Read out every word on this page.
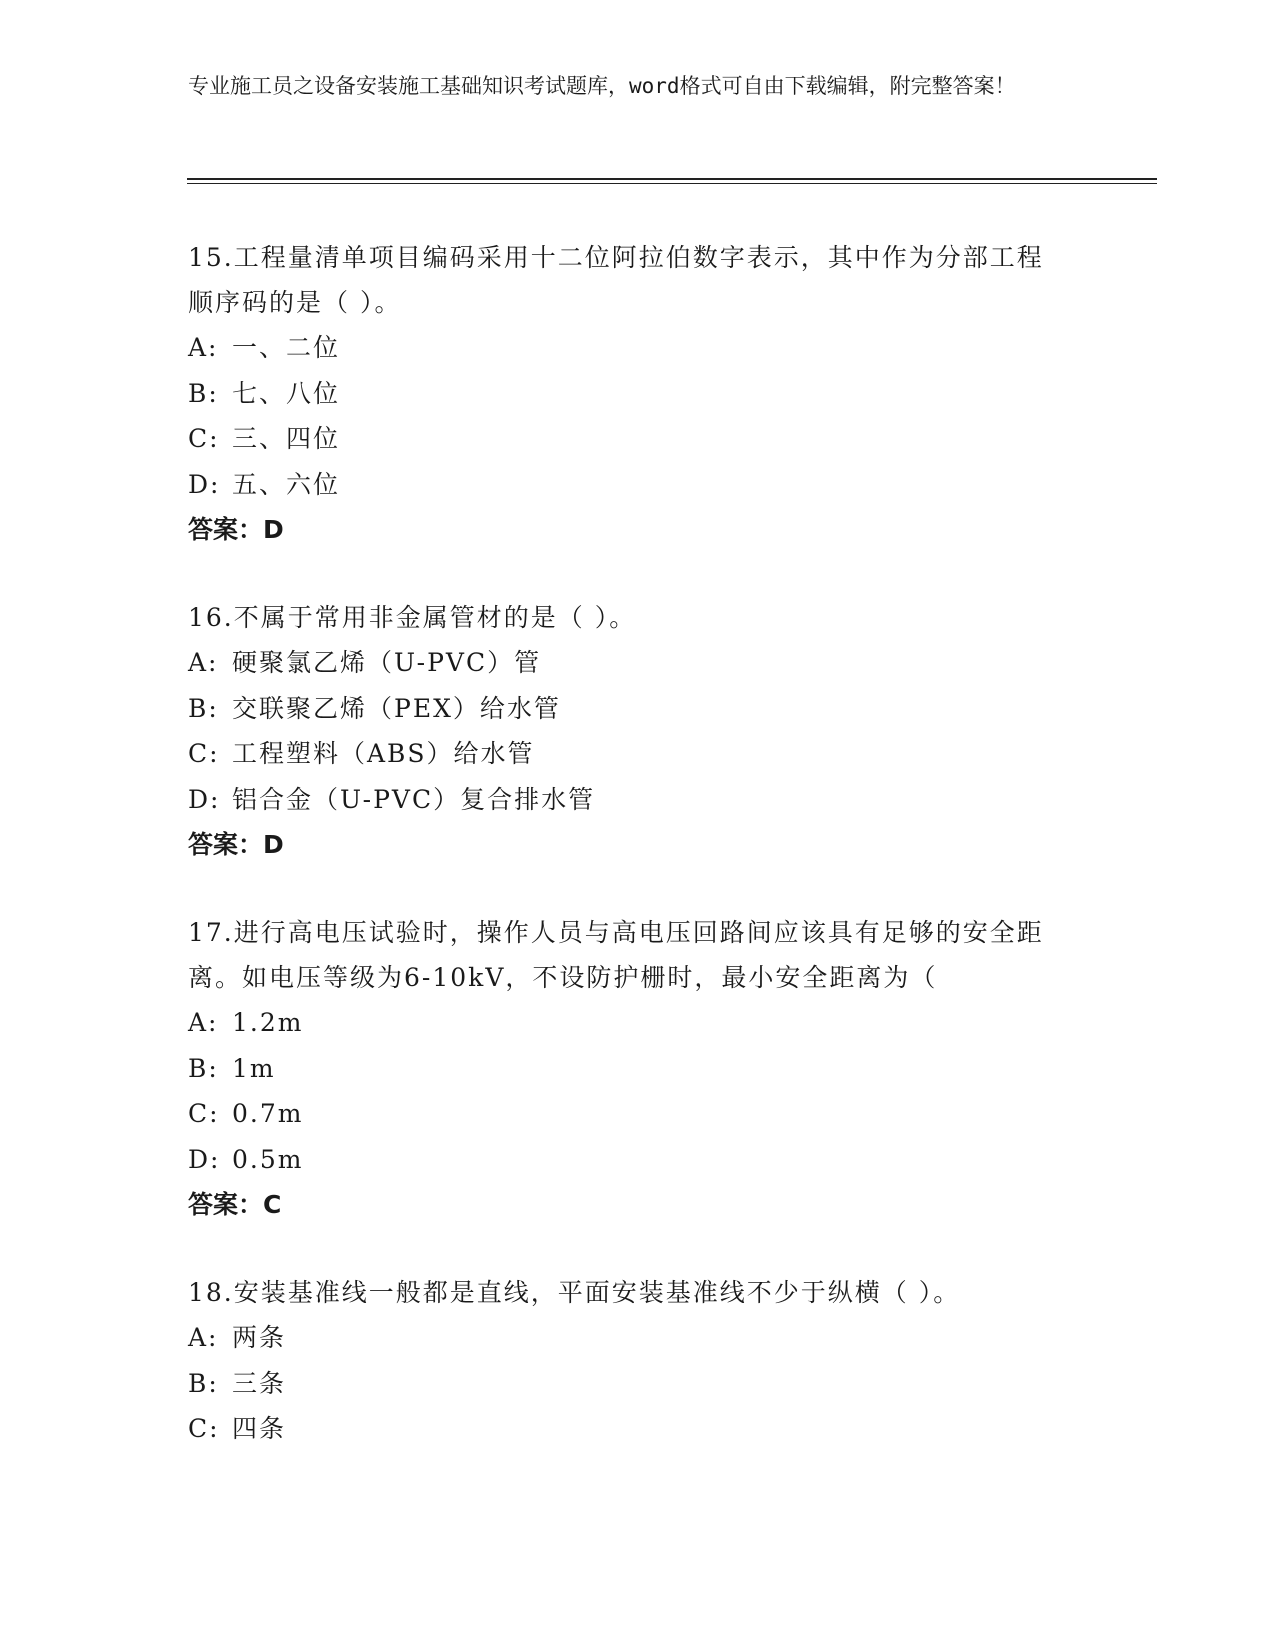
专业施工员之设备安装施工基础知识考试题库，word格式可自由下载编辑，附完整答案！

15.工程量清单项目编码采用十二位阿拉伯数字表示，其中作为分部工程顺序码的是（ ）。

A: 一、二位

B: 七、八位

C: 三、四位

D: 五、六位

答案：D

16.不属于常用非金属管材的是（ ）。

A: 硬聚氯乙烯（U-PVC）管

B: 交联聚乙烯（PEX）给水管

C: 工程塑料（ABS）给水管

D: 铝合金（U-PVC）复合排水管

答案：D

17.进行高电压试验时，操作人员与高电压回路间应该具有足够的安全距离。如电压等级为6-10kV，不设防护栅时，最小安全距离为（

A: 1.2m

B: 1m

C: 0.7m

D: 0.5m

答案：C

18.安装基准线一般都是直线，平面安装基准线不少于纵横（ ）。

A: 两条

B: 三条

C: 四条
